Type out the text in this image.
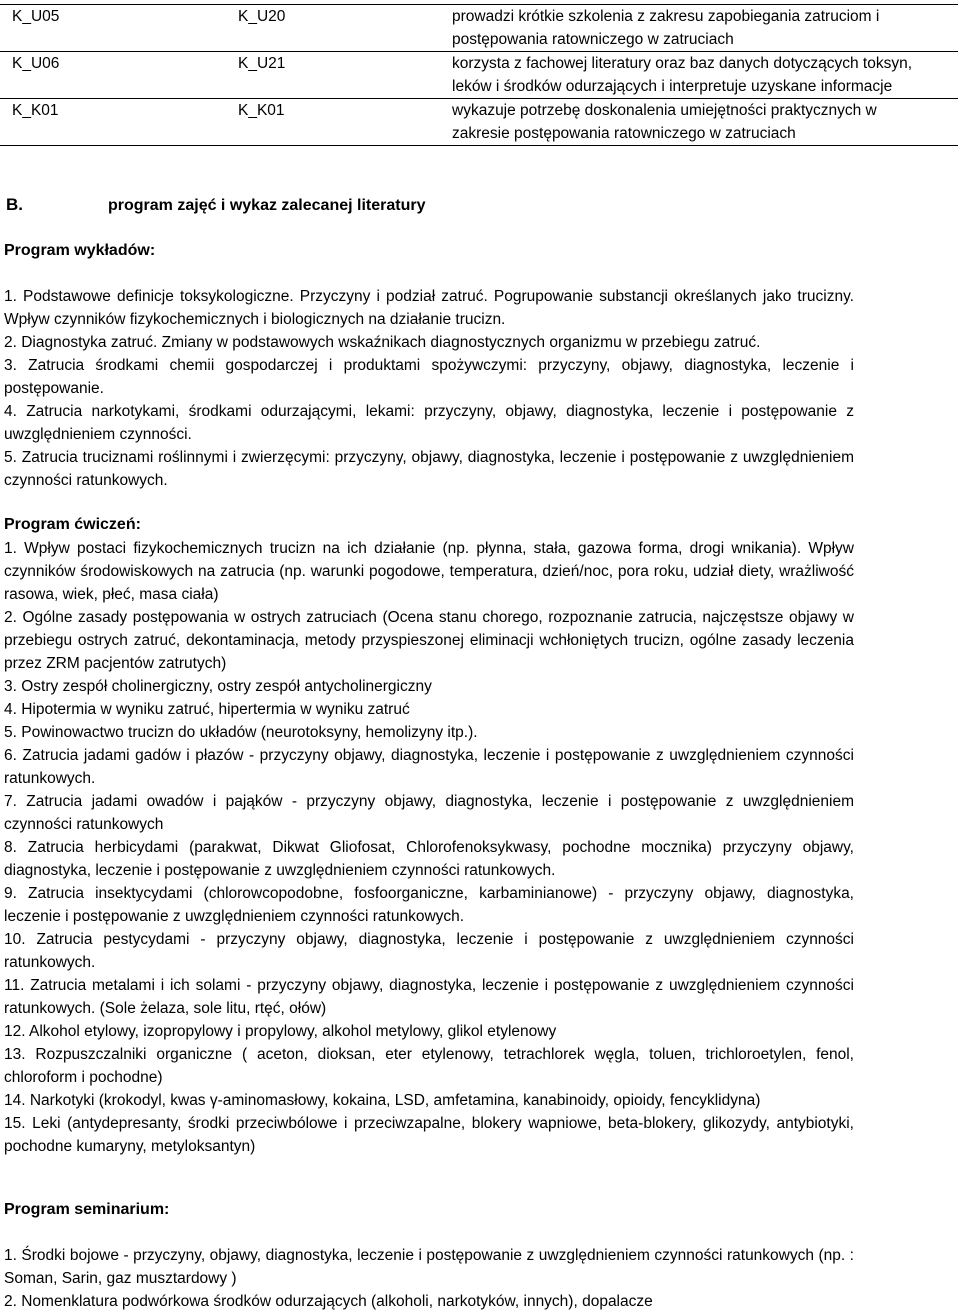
K_U05	K_U20	prowadzi krótkie szkolenia z zakresu zapobiegania zatruciom i postępowania ratowniczego w zatruciach
K_U06	K_U21	korzysta z fachowej literatury oraz baz danych dotyczących toksyn, leków i środków odurzających i interpretuje uzyskane informacje
K_K01	K_K01	wykazuje potrzebę doskonalenia umiejętności praktycznych w zakresie postępowania ratowniczego w zatruciach
B.	program zajęć i wykaz zalecanej literatury
Program wykładów:

1. Podstawowe definicje toksykologiczne. Przyczyny i podział zatruć. Pogrupowanie substancji określanych jako trucizny. Wpływ czynników fizykochemicznych i biologicznych na działanie trucizn.

2. Diagnostyka zatruć. Zmiany w podstawowych wskaźnikach diagnostycznych organizmu w przebiegu zatruć.

3. Zatrucia środkami chemii gospodarczej i produktami spożywczymi: przyczyny, objawy, diagnostyka, leczenie i postępowanie.

4. Zatrucia narkotykami, środkami odurzającymi, lekami: przyczyny, objawy, diagnostyka, leczenie i postępowanie z uwzględnieniem czynności.

5. Zatrucia truciznami roślinnymi i zwierzęcymi: przyczyny, objawy, diagnostyka, leczenie i postępowanie z uwzględnieniem czynności ratunkowych.

Program ćwiczeń:

1. Wpływ postaci fizykochemicznych trucizn na ich działanie (np. płynna, stała, gazowa forma, drogi wnikania). Wpływ czynników środowiskowych na zatrucia (np. warunki pogodowe, temperatura, dzień/noc, pora roku, udział diety, wrażliwość rasowa, wiek, płeć, masa ciała)

2. Ogólne zasady postępowania w ostrych zatruciach (Ocena stanu chorego, rozpoznanie zatrucia, najczęstsze objawy w przebiegu ostrych zatruć, dekontaminacja, metody przyspieszonej eliminacji wchłoniętych trucizn, ogólne zasady leczenia przez ZRM pacjentów zatrutych)

3. Ostry zespół cholinergiczny, ostry zespół antycholinergiczny

4. Hipotermia w wyniku zatruć, hipertermia w wyniku zatruć

5. Powinowactwo trucizn do układów (neurotoksyny, hemolizyny itp.).

6. Zatrucia jadami gadów i płazów - przyczyny objawy, diagnostyka, leczenie i postępowanie z uwzględnieniem czynności ratunkowych.

7. Zatrucia jadami owadów i pająków - przyczyny objawy, diagnostyka, leczenie i postępowanie z uwzględnieniem czynności ratunkowych

8. Zatrucia herbicydami (parakwat, Dikwat Gliofosat, Chlorofenoksykwasy, pochodne mocznika) przyczyny objawy, diagnostyka, leczenie i postępowanie z uwzględnieniem czynności ratunkowych.

9. Zatrucia insektycydami (chlorowcopodobne, fosfoorganiczne, karbaminianowe) - przyczyny objawy, diagnostyka, leczenie i postępowanie z uwzględnieniem czynności ratunkowych.

10. Zatrucia pestycydami - przyczyny objawy, diagnostyka, leczenie i postępowanie z uwzględnieniem czynności ratunkowych.

11. Zatrucia metalami i ich solami - przyczyny objawy, diagnostyka, leczenie i postępowanie z uwzględnieniem czynności ratunkowych. (Sole żelaza, sole litu, rtęć, ołów)

12. Alkohol etylowy, izopropylowy i propylowy, alkohol metylowy, glikol etylenowy

13. Rozpuszczalniki organiczne ( aceton, dioksan, eter etylenowy, tetrachlorek węgla, toluen, trichloroetylen, fenol, chloroform i pochodne)

14. Narkotyki (krokodyl, kwas γ-aminomasłowy, kokaina, LSD, amfetamina, kanabinoidy, opioidy, fencyklidyna)

15. Leki (antydepresanty, środki przeciwbólowe i przeciwzapalne, blokery wapniowe, beta-blokery, glikozydy, antybiotyki, pochodne kumaryny, metyloksantyn)

Program seminarium:

1. Środki bojowe - przyczyny, objawy, diagnostyka, leczenie i postępowanie z uwzględnieniem czynności ratunkowych (np. : Soman, Sarin, gaz musztardowy )

2. Nomenklatura podwórkowa środków odurzających (alkoholi, narkotyków, innych), dopalacze
